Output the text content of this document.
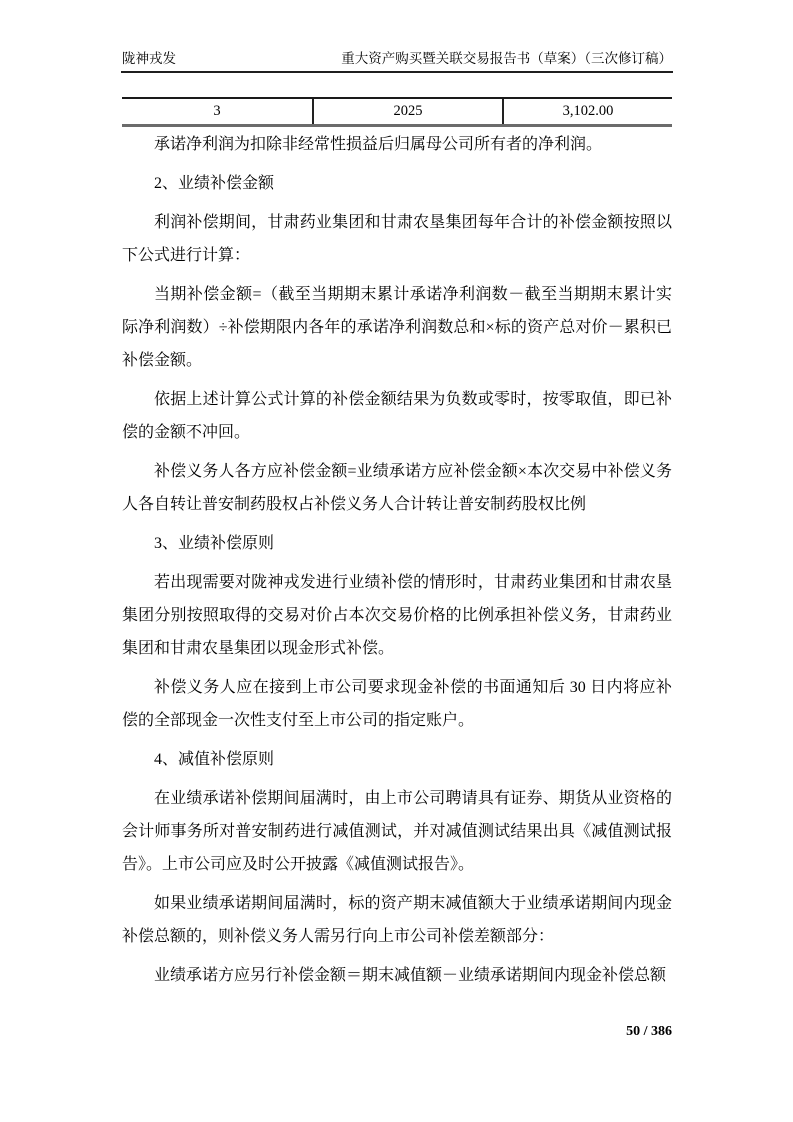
陇神戎发	重大资产购买暨关联交易报告书（草案）（三次修订稿）
3	2025	3,102.00

承诺净利润为扣除非经常性损益后归属母公司所有者的净利润。

2、业绩补偿金额

利润补偿期间，甘肃药业集团和甘肃农垦集团每年合计的补偿金额按照以下公式进行计算：

当期补偿金额=（截至当期期末累计承诺净利润数－截至当期期末累计实际净利润数）÷补偿期限内各年的承诺净利润数总和×标的资产总对价－累积已补偿金额。

依据上述计算公式计算的补偿金额结果为负数或零时，按零取值，即已补偿的金额不冲回。

补偿义务人各方应补偿金额=业绩承诺方应补偿金额×本次交易中补偿义务人各自转让普安制药股权占补偿义务人合计转让普安制药股权比例

3、业绩补偿原则

若出现需要对陇神戎发进行业绩补偿的情形时，甘肃药业集团和甘肃农垦集团分别按照取得的交易对价占本次交易价格的比例承担补偿义务，甘肃药业集团和甘肃农垦集团以现金形式补偿。

补偿义务人应在接到上市公司要求现金补偿的书面通知后 30 日内将应补偿的全部现金一次性支付至上市公司的指定账户。

4、减值补偿原则

在业绩承诺补偿期间届满时，由上市公司聘请具有证券、期货从业资格的会计师事务所对普安制药进行减值测试，并对减值测试结果出具《减值测试报告》。上市公司应及时公开披露《减值测试报告》。

如果业绩承诺期间届满时，标的资产期末减值额大于业绩承诺期间内现金补偿总额的，则补偿义务人需另行向上市公司补偿差额部分：

业绩承诺方应另行补偿金额＝期末减值额－业绩承诺期间内现金补偿总额

50 / 386
